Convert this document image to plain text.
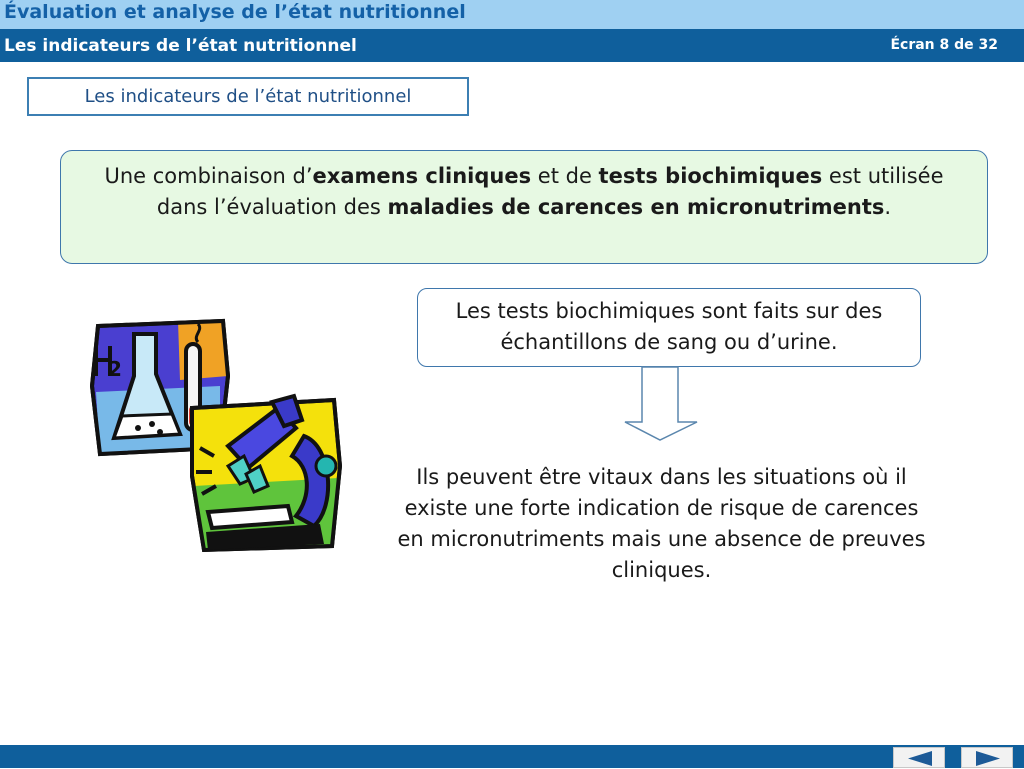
Évaluation et analyse de l’état nutritionnel
Les indicateurs de l’état nutritionnel	Écran 8 de 32
Les indicateurs de l’état nutritionnel
Une combinaison d’examens cliniques et de tests biochimiques est utilisée dans l’évaluation des maladies de carences en micronutriments.
Les tests biochimiques sont faits sur des échantillons de sang ou d’urine.
Ils peuvent être vitaux dans les situations où il existe une forte indication de risque de carences en micronutriments mais une absence de preuves cliniques.
2
